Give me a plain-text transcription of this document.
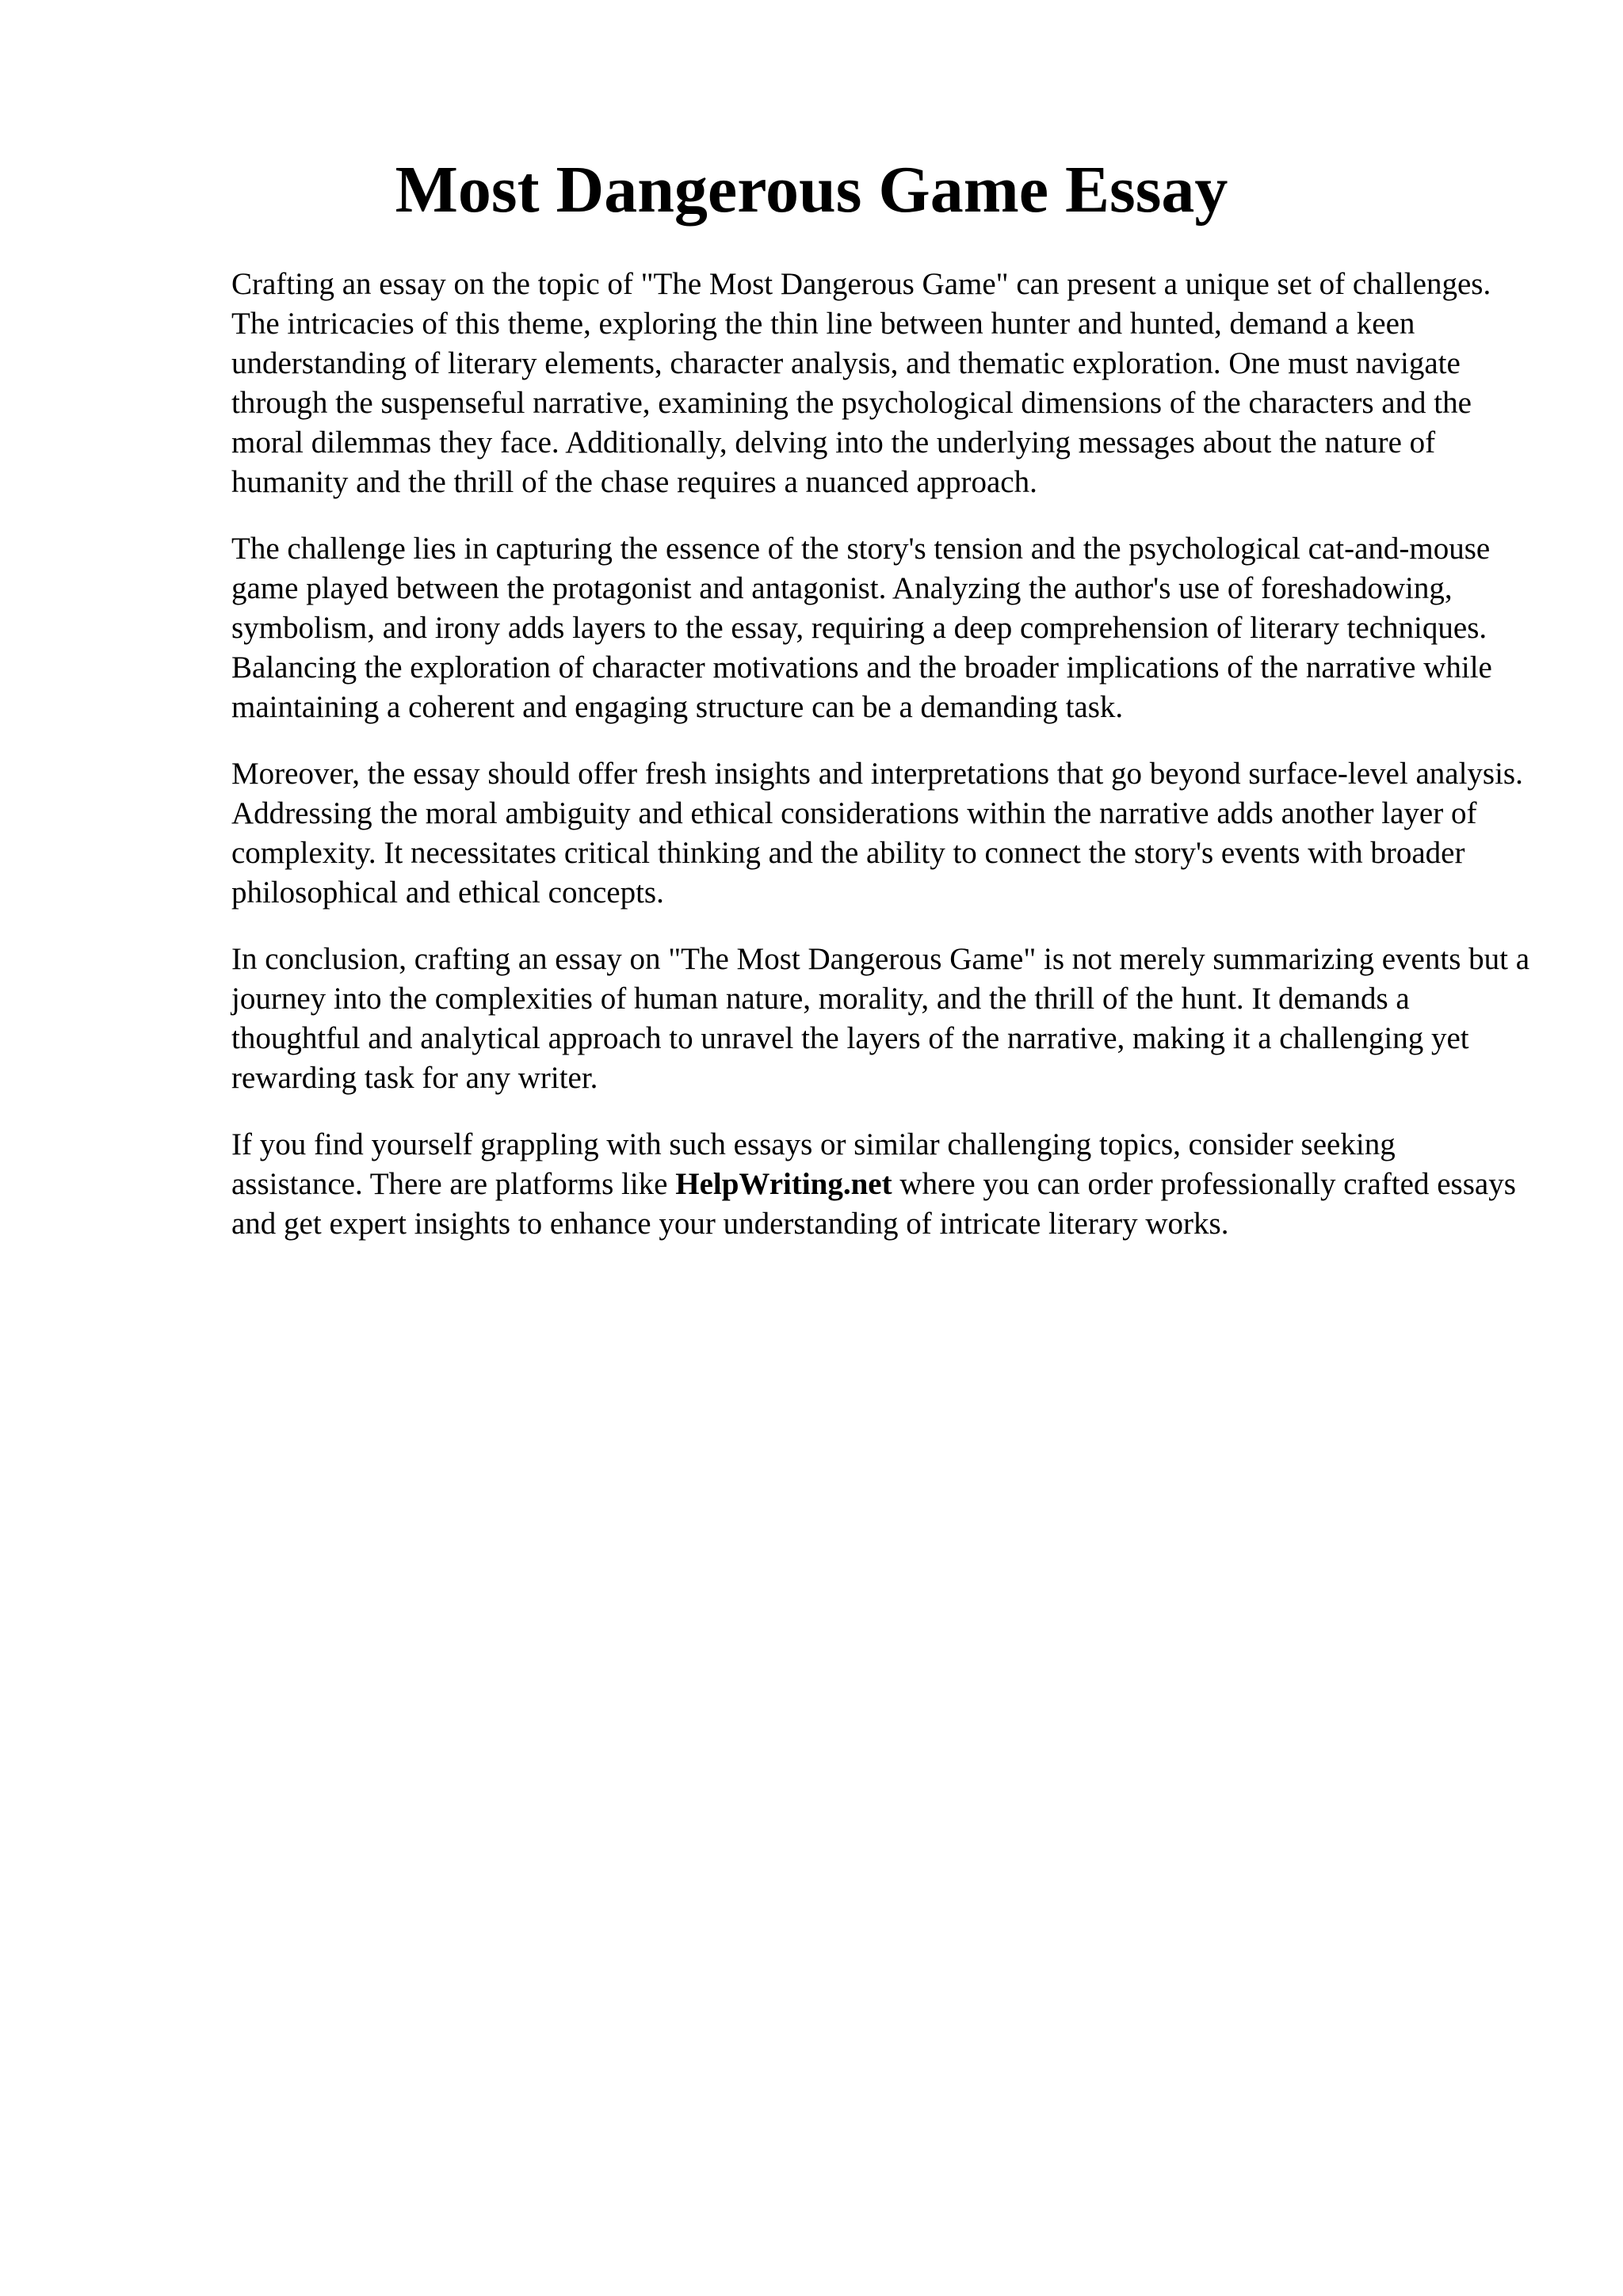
Most Dangerous Game Essay

Crafting an essay on the topic of "The Most Dangerous Game" can present a unique set of challenges. The intricacies of this theme, exploring the thin line between hunter and hunted, demand a keen understanding of literary elements, character analysis, and thematic exploration. One must navigate through the suspenseful narrative, examining the psychological dimensions of the characters and the moral dilemmas they face. Additionally, delving into the underlying messages about the nature of humanity and the thrill of the chase requires a nuanced approach.

The challenge lies in capturing the essence of the story's tension and the psychological cat-and-mouse game played between the protagonist and antagonist. Analyzing the author's use of foreshadowing, symbolism, and irony adds layers to the essay, requiring a deep comprehension of literary techniques. Balancing the exploration of character motivations and the broader implications of the narrative while maintaining a coherent and engaging structure can be a demanding task.

Moreover, the essay should offer fresh insights and interpretations that go beyond surface-level analysis. Addressing the moral ambiguity and ethical considerations within the narrative adds another layer of complexity. It necessitates critical thinking and the ability to connect the story's events with broader philosophical and ethical concepts.

In conclusion, crafting an essay on "The Most Dangerous Game" is not merely summarizing events but a journey into the complexities of human nature, morality, and the thrill of the hunt. It demands a thoughtful and analytical approach to unravel the layers of the narrative, making it a challenging yet rewarding task for any writer.

If you find yourself grappling with such essays or similar challenging topics, consider seeking assistance. There are platforms like HelpWriting.net where you can order professionally crafted essays and get expert insights to enhance your understanding of intricate literary works.
